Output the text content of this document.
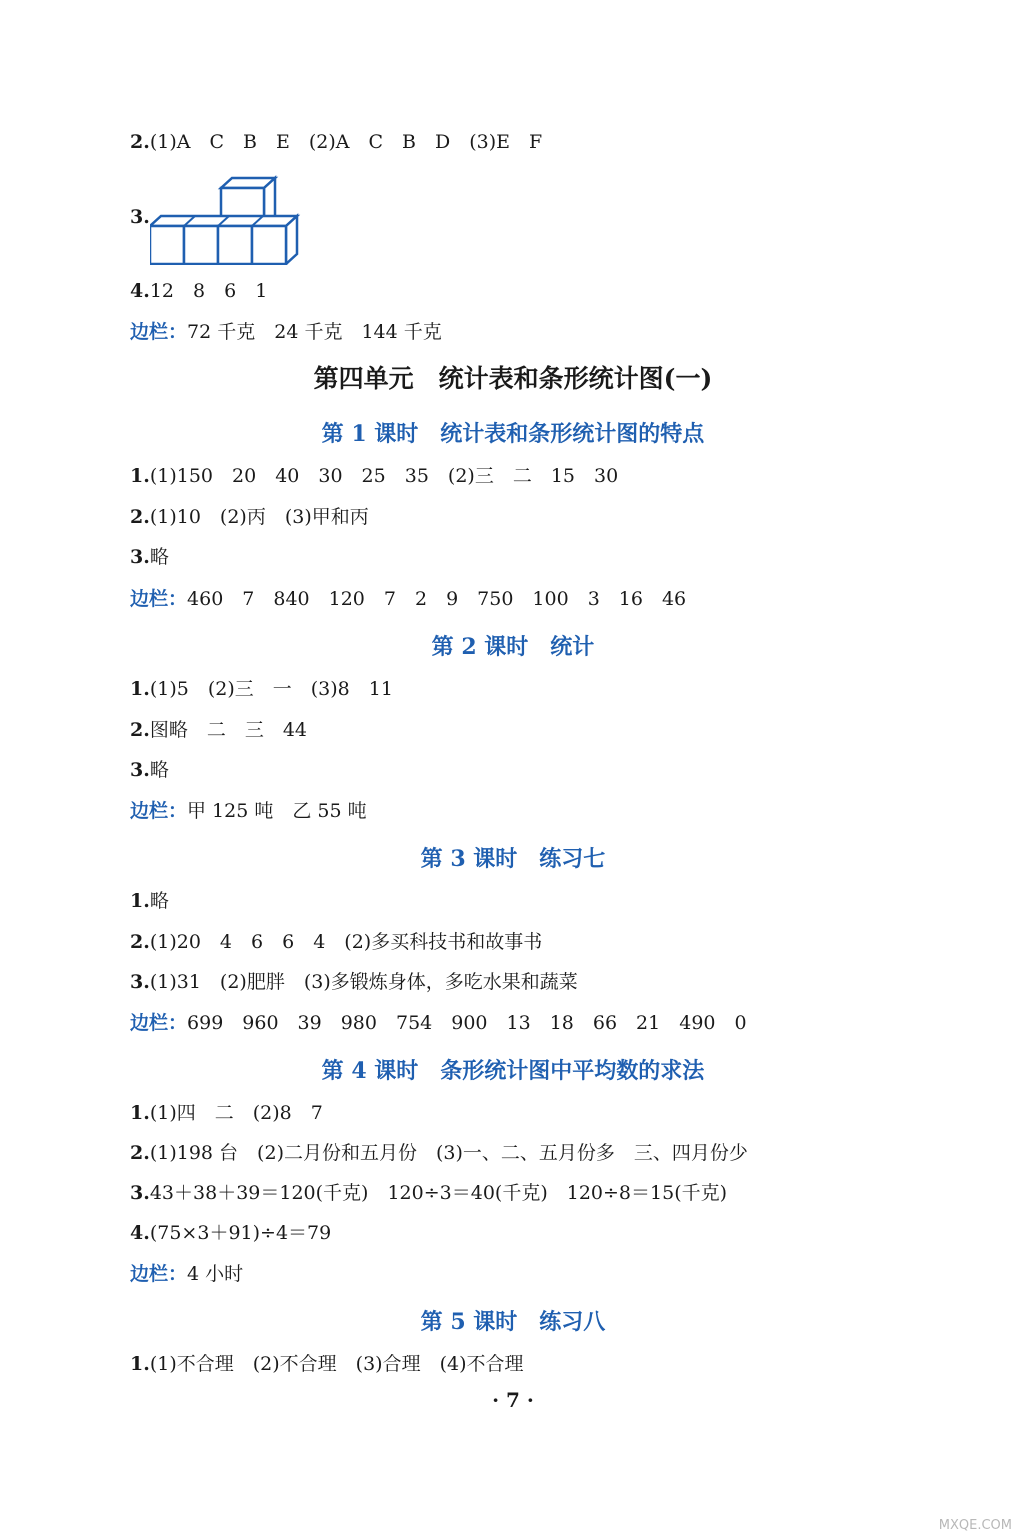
2.(1)A　C　B　E　(2)A　C　B　D　(3)E　F
3.
4.12　8　6　1
边栏：72 千克　24 千克　144 千克
第四单元　统计表和条形统计图(一)
第 1 课时　统计表和条形统计图的特点
1.(1)150　20　40　30　25　35　(2)三　二　15　30
2.(1)10　(2)丙　(3)甲和丙
3.略
边栏：460　7　840　120　7　2　9　750　100　3　16　46
第 2 课时　统计
1.(1)5　(2)三　一　(3)8　11
2.图略　二　三　44
3.略
边栏：甲 125 吨　乙 55 吨
第 3 课时　练习七
1.略
2.(1)20　4　6　6　4　(2)多买科技书和故事书
3.(1)31　(2)肥胖　(3)多锻炼身体，多吃水果和蔬菜
边栏：699　960　39　980　754　900　13　18　66　21　490　0
第 4 课时　条形统计图中平均数的求法
1.(1)四　二　(2)8　7
2.(1)198 台　(2)二月份和五月份　(3)一、二、五月份多　三、四月份少
3.43＋38＋39＝120(千克)　120÷3＝40(千克)　120÷8＝15(千克)
4.(75×3＋91)÷4＝79
边栏：4 小时
第 5 课时　练习八
1.(1)不合理　(2)不合理　(3)合理　(4)不合理
· 7 ·
MXQE.COM
